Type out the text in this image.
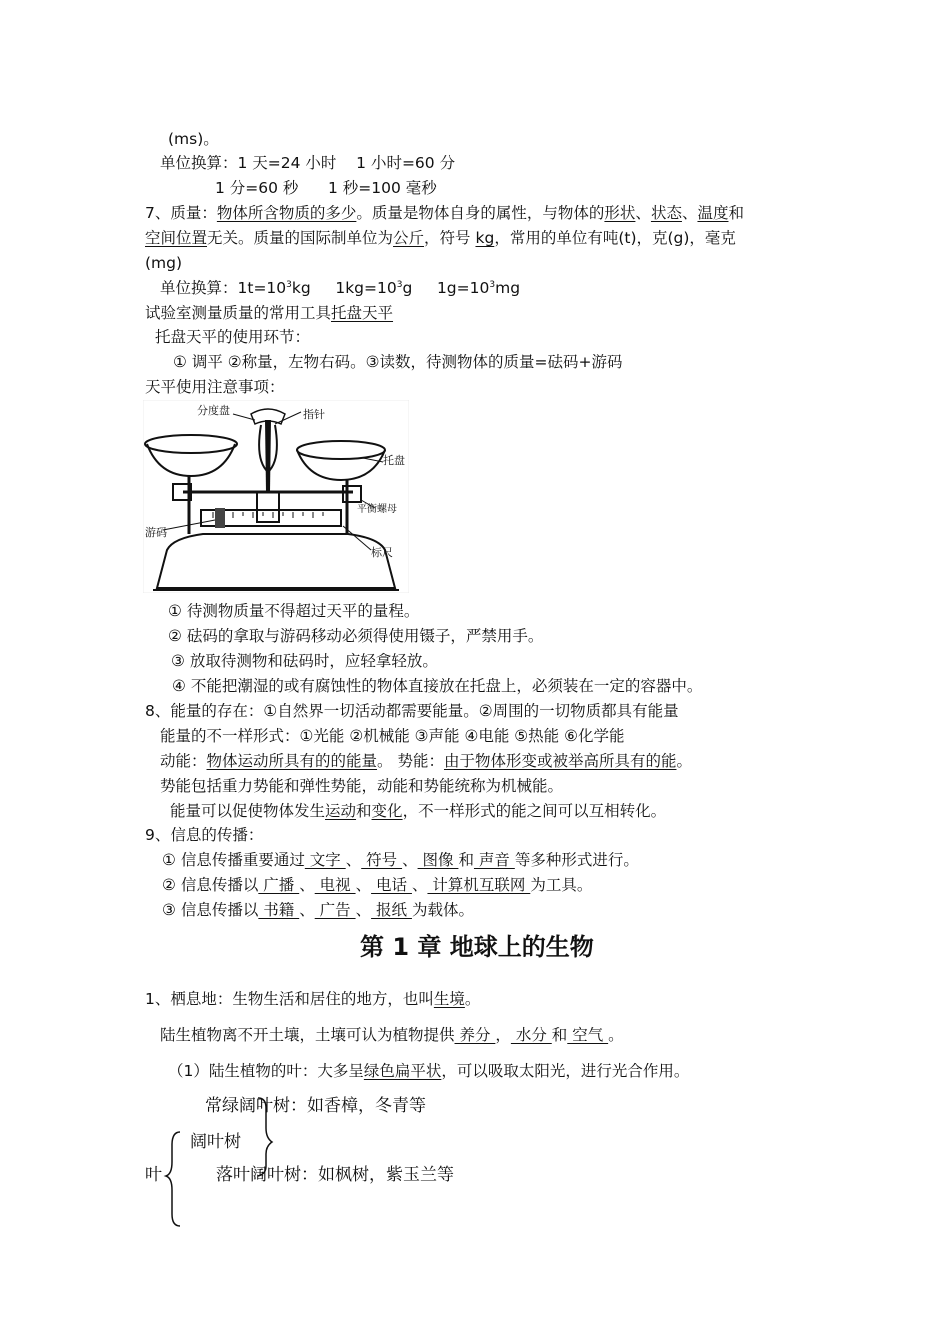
(ms)。
单位换算：1 天=24 小时 1 小时=60 分
1 分=60 秒 1 秒=100 毫秒
7、质量：物体所含物质的多少。质量是物体自身的属性，与物体的形状、状态、温度和
空间位置无关。质量的国际制单位为公斤，符号 kg，常用的单位有吨(t)，克(g)，毫克
(mg)
单位换算：$1t=10^3kg$     $1kg=10^3g$     $1g=10^3mg$
试验室测量质量的常用工具托盘天平
托盘天平的使用环节：
① 调平 ②称量，左物右码。③读数，待测物体的质量=砝码+游码
天平使用注意事项：
分度盘	指针
托盘
平衡螺母
游码
标尺
① 待测物质量不得超过天平的量程。
② 砝码的拿取与游码移动必须得使用镊子，严禁用手。
③ 放取待测物和砝码时，应轻拿轻放。
④ 不能把潮湿的或有腐蚀性的物体直接放在托盘上，必须装在一定的容器中。
8、能量的存在：①自然界一切活动都需要能量。②周围的一切物质都具有能量
能量的不一样形式：①光能 ②机械能 ③声能 ④电能 ⑤热能 ⑥化学能
动能：物体运动所具有的的能量。 势能：由于物体形变或被举高所具有的能。
势能包括重力势能和弹性势能，动能和势能统称为机械能。
能量可以促使物体发生运动和变化，不一样形式的能之间可以互相转化。
9、信息的传播：
① 信息传播重要通过 文字 、 符号 、 图像 和 声音 等多种形式进行。
② 信息传播以 广播 、 电视 、 电话 、 计算机互联网 为工具。
③ 信息传播以 书籍 、 广告 、 报纸 为载体。
第 1 章 地球上的生物
1、栖息地：生物生活和居住的地方，也叫生境。
陆生植物离不开土壤，土壤可认为植物提供 养分 ， 水分 和 空气 。
（1）陆生植物的叶：大多呈绿色扁平状，可以吸取太阳光，进行光合作用。
常绿阔叶树：如香樟，冬青等
阔叶树
落叶阔叶树：如枫树，紫玉兰等
叶
